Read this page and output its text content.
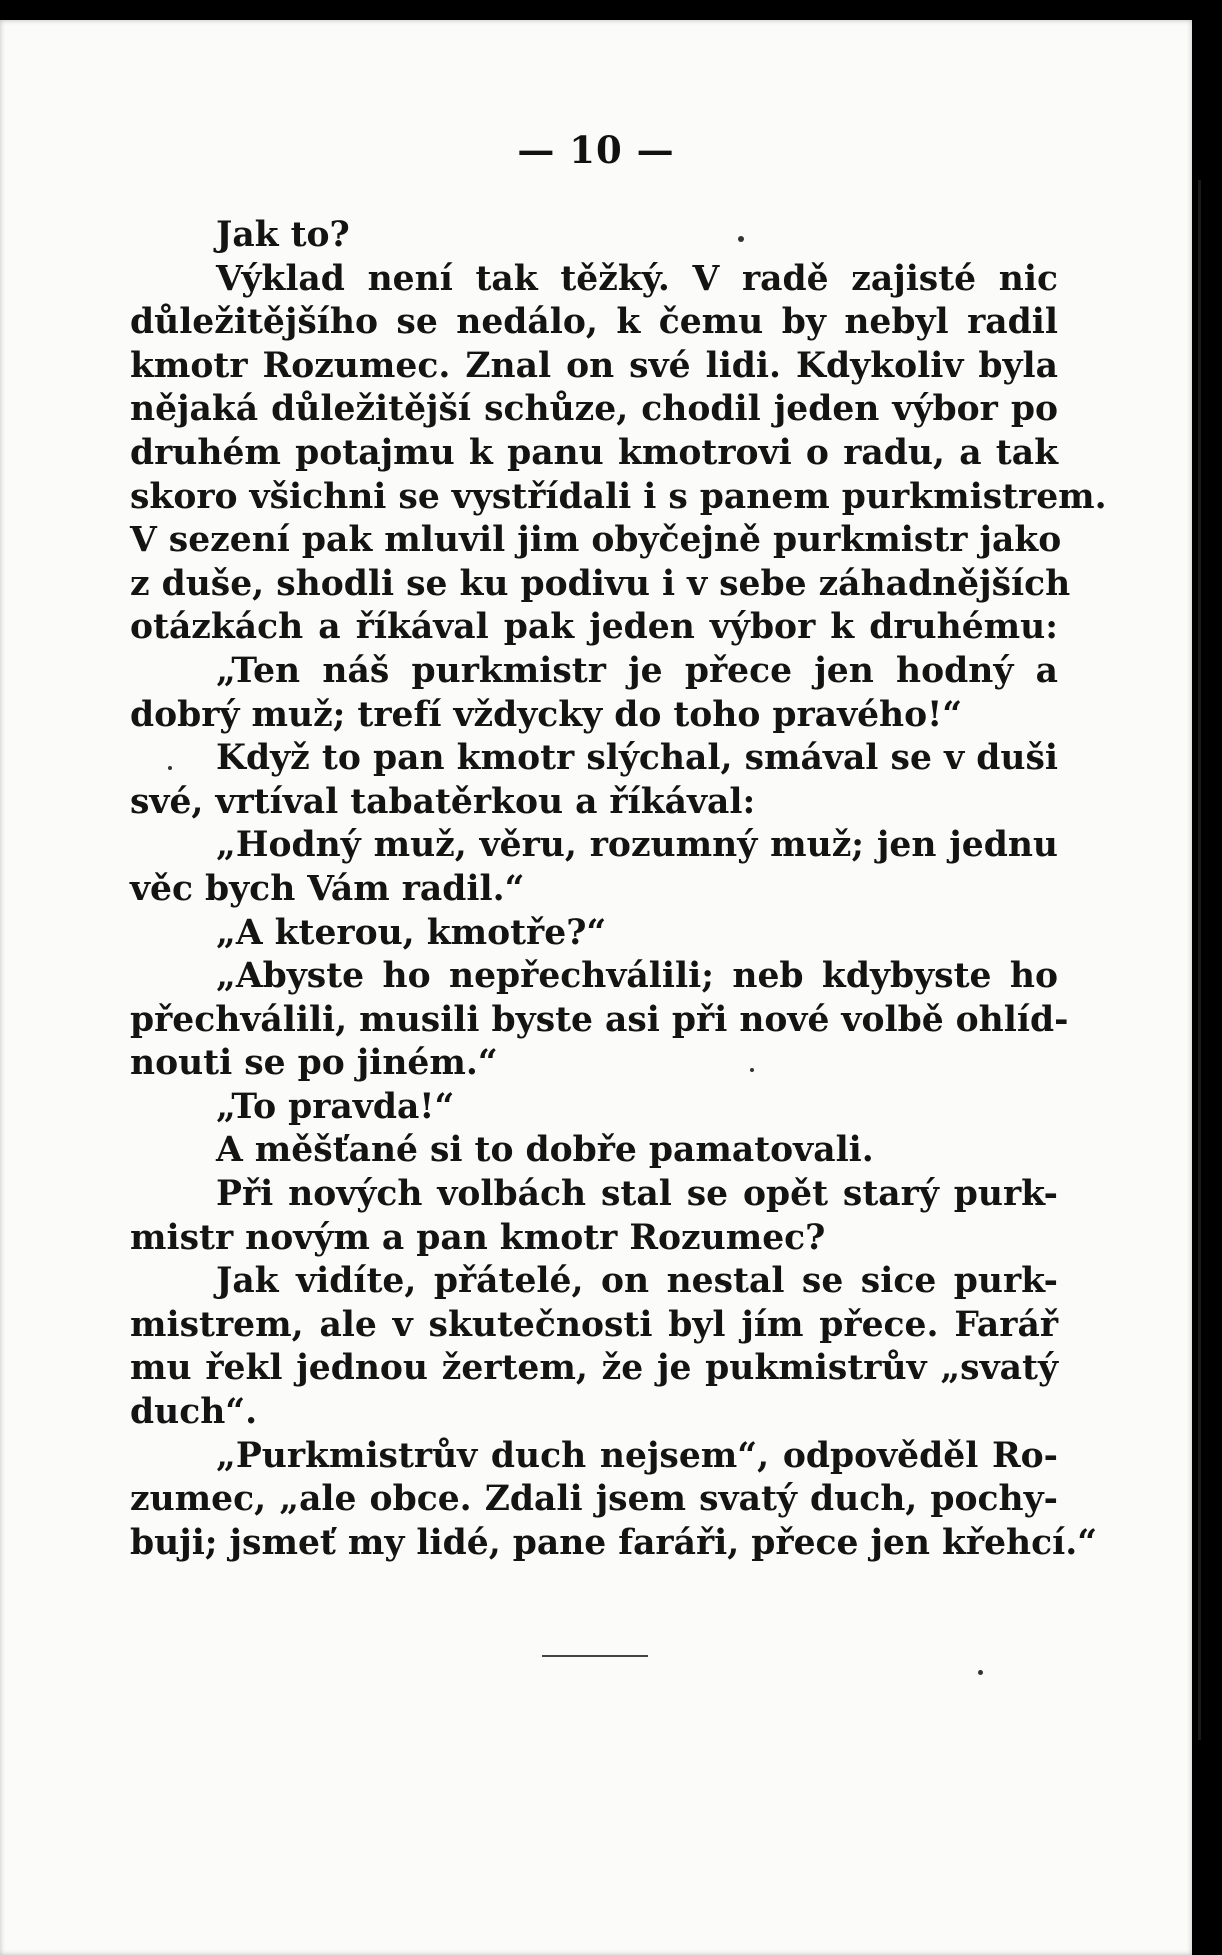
— 10 —
Jak to?
Výklad není tak těžký. V radě zajisté nic
důležitějšího se nedálo, k čemu by nebyl radil
kmotr Rozumec. Znal on své lidi. Kdykoliv byla
nějaká důležitější schůze, chodil jeden výbor po
druhém potajmu k panu kmotrovi o radu, a tak
skoro všichni se vystřídali i s panem purkmistrem.
V sezení pak mluvil jim obyčejně purkmistr jako
z duše, shodli se ku podivu i v sebe záhadnějších
otázkách a říkával pak jeden výbor k druhému:
„Ten náš purkmistr je přece jen hodný a
dobrý muž; trefí vždycky do toho pravého!“
Když to pan kmotr slýchal, smával se v duši
své, vrtíval tabatěrkou a říkával:
„Hodný muž, věru, rozumný muž; jen jednu
věc bych Vám radil.“
„A kterou, kmotře?“
„Abyste ho nepřechválili; neb kdybyste ho
přechválili, musili byste asi při nové volbě ohlíd-
nouti se po jiném.“
„To pravda!“
A měšťané si to dobře pamatovali.
Při nových volbách stal se opět starý purk-
mistr novým a pan kmotr Rozumec?
Jak vidíte, přátelé, on nestal se sice purk-
mistrem, ale v skutečnosti byl jím přece. Farář
mu řekl jednou žertem, že je pukmistrův „svatý
duch“.
„Purkmistrův duch nejsem“, odpověděl Ro-
zumec, „ale obce. Zdali jsem svatý duch, pochy-
buji; jsmeť my lidé, pane faráři, přece jen křehcí.“
